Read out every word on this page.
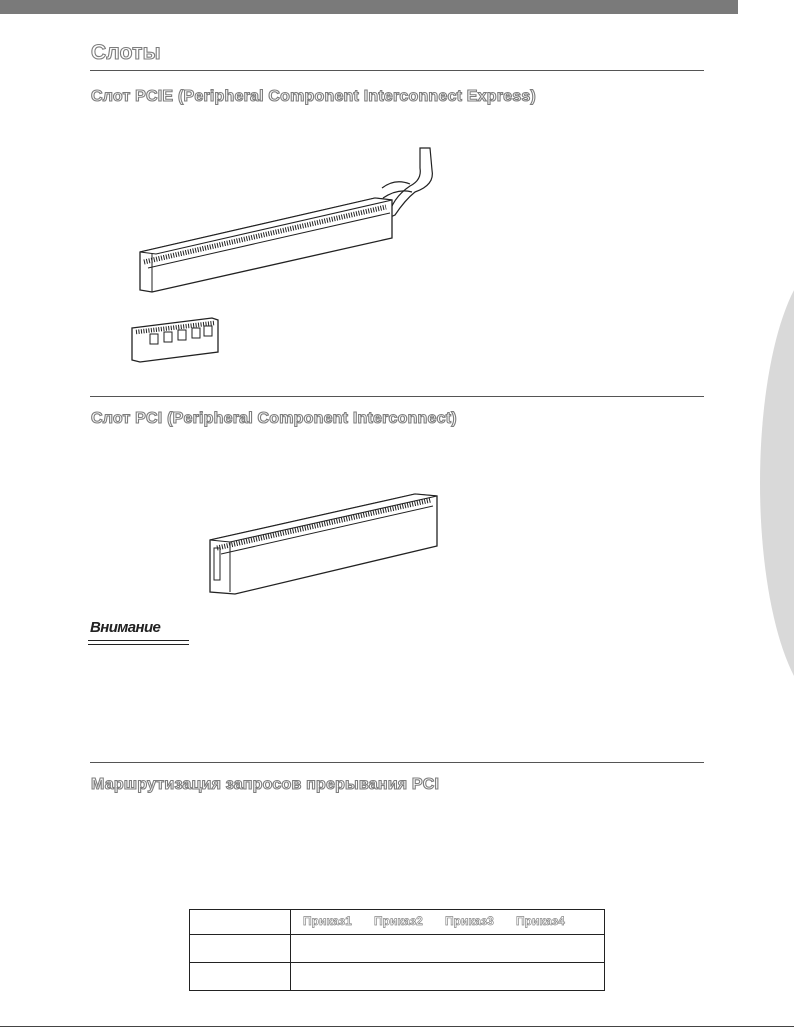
Слоты
Слот PCIE (Peripheral Component Interconnect Express)
Слот PCI (Peripheral Component Interconnect)
Внимание
Маршрутизация запросов прерывания PCI
Приказ1 Приказ2 Приказ3 Приказ4
